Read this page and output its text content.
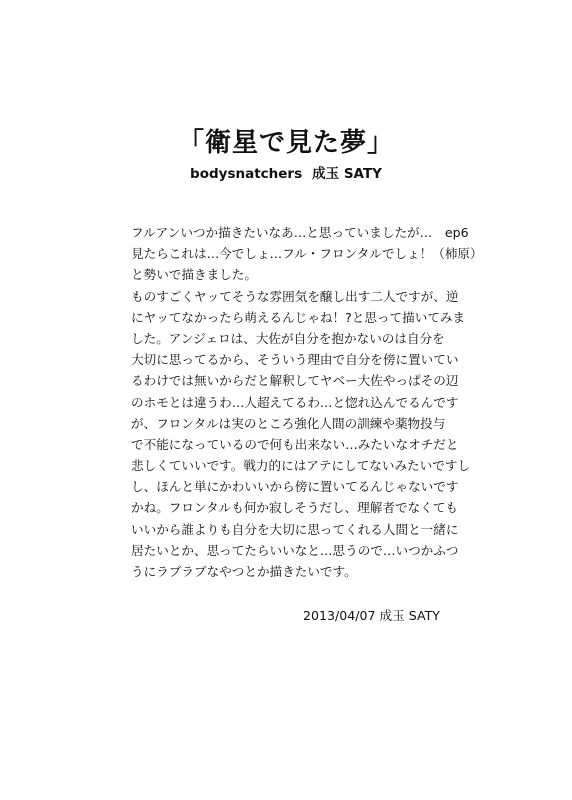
「衛星で見た夢」

bodysnatchers 成玉 SATY

フルアンいつか描きたいなあ…と思っていましたが…　ep6
見たらこれは…今でしょ…フル・フロンタルでしょ！（柿原）
と勢いで描きました。
ものすごくヤッてそうな雰囲気を醸し出す二人ですが、逆
にヤッてなかったら萌えるんじゃね！?と思って描いてみま
した。アンジェロは、大佐が自分を抱かないのは自分を
大切に思ってるから、そういう理由で自分を傍に置いてい
るわけでは無いからだと解釈してヤベー大佐やっぱその辺
のホモとは違うわ…人超えてるわ…と惚れ込んでるんです
が、フロンタルは実のところ強化人間の訓練や薬物投与
で不能になっているので何も出来ない…みたいなオチだと
悲しくていいです。戦力的にはアテにしてないみたいですし
し、ほんと単にかわいいから傍に置いてるんじゃないです
かね。フロンタルも何か寂しそうだし、理解者でなくても
いいから誰よりも自分を大切に思ってくれる人間と一緒に
居たいとか、思ってたらいいなと…思うので…いつかふつ
うにラブラブなやつとか描きたいです。

2013/04/07 成玉 SATY
